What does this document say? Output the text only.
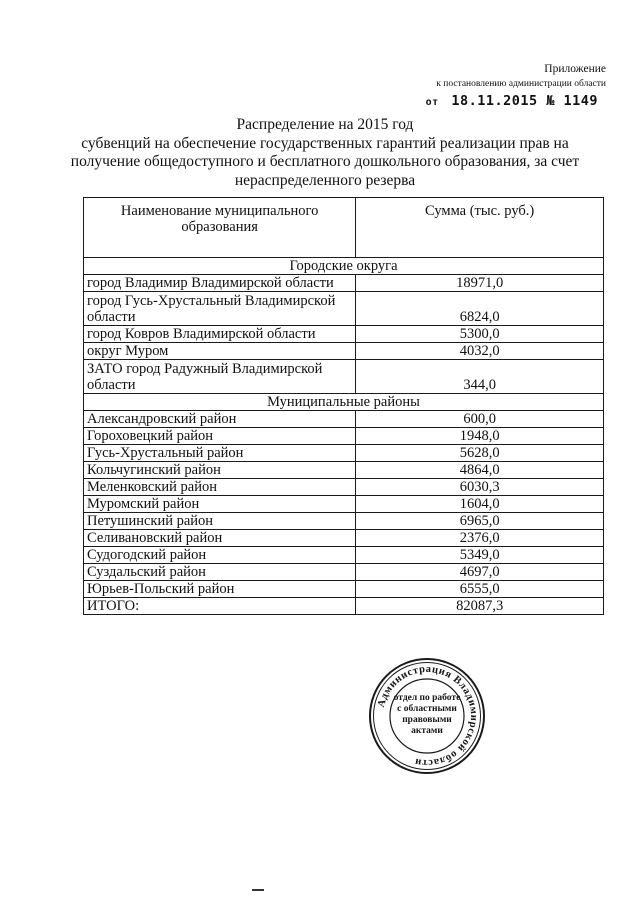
Приложение
к постановлению администрации области
от 18.11.2015 № 1149
Распределение на 2015 год
субвенций на обеспечение государственных гарантий реализации прав на
получение общедоступного и бесплатного дошкольного образования, за счет
нераспределенного резерва
Наименование муниципального образования	Сумма (тыс. руб.)
Городские округа	
город Владимир Владимирской области	18971,0
город Гусь-Хрустальный Владимирской области	6824,0
город Ковров Владимирской области	5300,0
округ Муром	4032,0
ЗАТО город Радужный Владимирской области	344,0
Муниципальные районы	
Александровский район	600,0
Гороховецкий район	1948,0
Гусь-Хрустальный район	5628,0
Кольчугинский район	4864,0
Меленковский район	6030,3
Муромский район	1604,0
Петушинский район	6965,0
Селивановский район	2376,0
Судогодский район	5349,0
Суздальский район	4697,0
Юрьев-Польский район	6555,0
ИТОГО:	82087,3
Администрация Владимирской области
отдел по работе
с областными
правовыми
актами
